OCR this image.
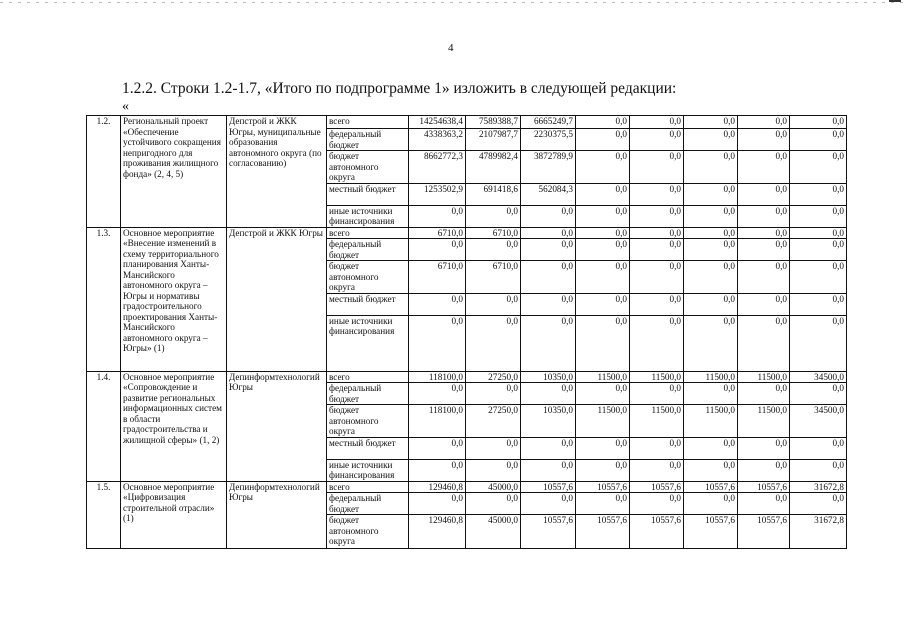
4
1.2.2. Строки 1.2-1.7, «Итого по подпрограмме 1» изложить в следующей редакции:
«
1.2.	Региональный проект «Обеспечение устойчивого сокращения непригодного для проживания жилищного фонда» (2, 4, 5)	Депстрой и ЖКК Югры, муниципальные образования автономного округа (по согласованию)	всего	14254638,4	7589388,7	6665249,7	0,0	0,0	0,0	0,0	0,0
			федеральный бюджет	4338363,2	2107987,7	2230375,5	0,0	0,0	0,0	0,0	0,0
			бюджет автономного округа	8662772,3	4789982,4	3872789,9	0,0	0,0	0,0	0,0	0,0
			местный бюджет	1253502,9	691418,6	562084,3	0,0	0,0	0,0	0,0	0,0
			иные источники финансирования	0,0	0,0	0,0	0,0	0,0	0,0	0,0	0,0
1.3.	Основное мероприятие «Внесение изменений в схему территориального планирования Ханты-Мансийского автономного округа – Югры и нормативы градостроительного проектирования Ханты-Мансийского автономного округа – Югры» (1)	Депстрой и ЖКК Югры	всего	6710,0	6710,0	0,0	0,0	0,0	0,0	0,0	0,0
			федеральный бюджет	0,0	0,0	0,0	0,0	0,0	0,0	0,0	0,0
			бюджет автономного округа	6710,0	6710,0	0,0	0,0	0,0	0,0	0,0	0,0
			местный бюджет	0,0	0,0	0,0	0,0	0,0	0,0	0,0	0,0
			иные источники финансирования	0,0	0,0	0,0	0,0	0,0	0,0	0,0	0,0
1.4.	Основное мероприятие «Сопровождение и развитие региональных информационных систем в области градостроительства и жилищной сферы» (1, 2)	Депинформтехнологий Югры	всего	118100,0	27250,0	10350,0	11500,0	11500,0	11500,0	11500,0	34500,0
			федеральный бюджет	0,0	0,0	0,0	0,0	0,0	0,0	0,0	0,0
			бюджет автономного округа	118100,0	27250,0	10350,0	11500,0	11500,0	11500,0	11500,0	34500,0
			местный бюджет	0,0	0,0	0,0	0,0	0,0	0,0	0,0	0,0
			иные источники финансирования	0,0	0,0	0,0	0,0	0,0	0,0	0,0	0,0
1.5.	Основное мероприятие «Цифровизация строительной отрасли» (1)	Депинформтехнологий Югры	всего	129460,8	45000,0	10557,6	10557,6	10557,6	10557,6	10557,6	31672,8
			федеральный бюджет	0,0	0,0	0,0	0,0	0,0	0,0	0,0	0,0
			бюджет автономного округа	129460,8	45000,0	10557,6	10557,6	10557,6	10557,6	10557,6	31672,8
